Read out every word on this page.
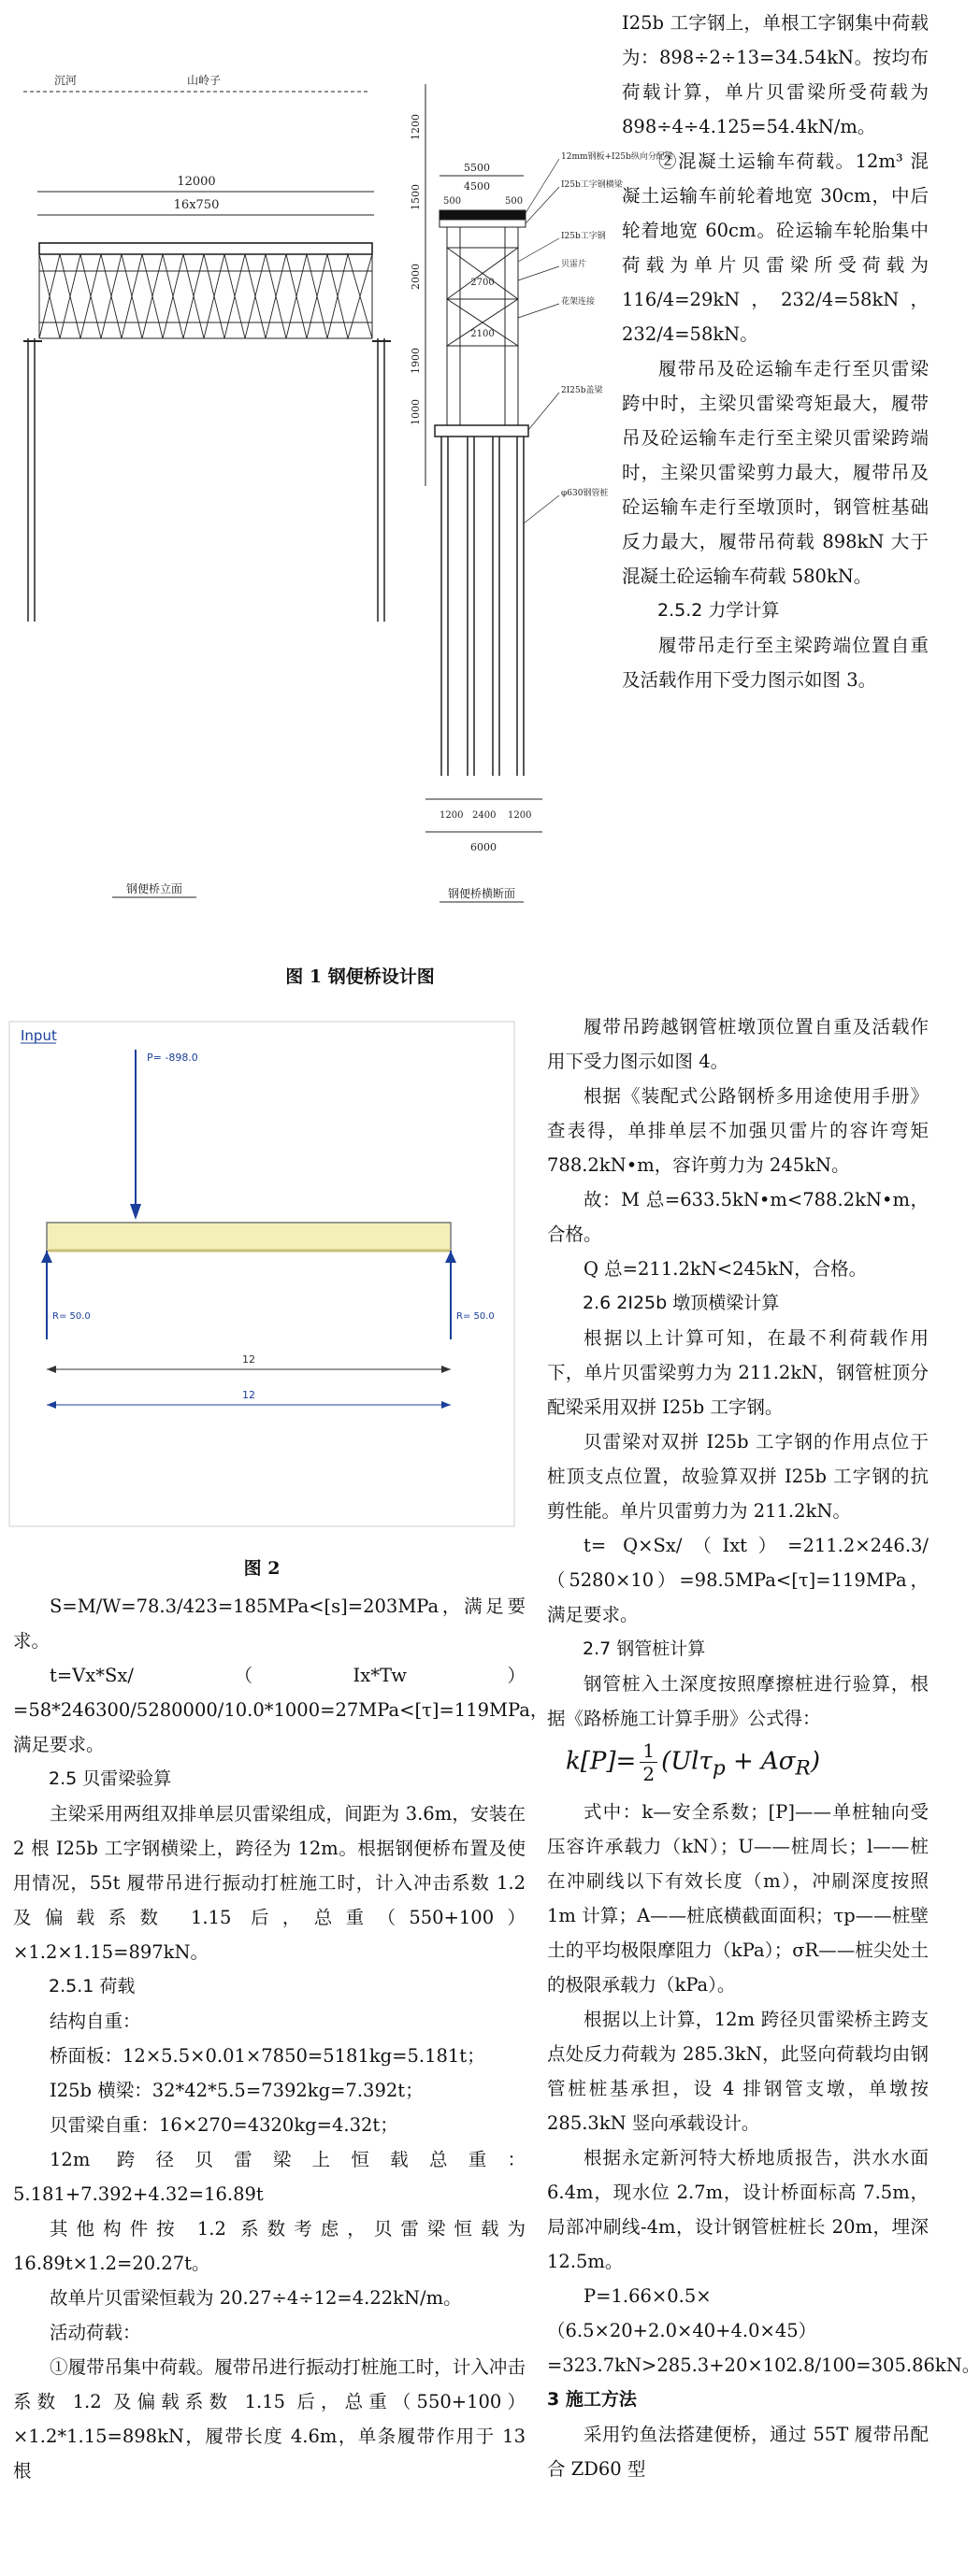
沉河	山岭子
12000
16x750
钢便桥立面
1200
1500
2000
1900
1000
5500
4500
500	500
2700
2100
1200 2400 1200
6000
钢便桥横断面
12mm钢板+I25b纵向分配梁
I25b工字钢横梁
I25b工字钢
贝雷片
花架连接
2I25b盖梁
φ630钢管桩
图 1 钢便桥设计图
Input
P= -898.0
R= 50.0	R= 50.0
12
12
图 2

I25b 工字钢上，单根工字钢集中荷载为：898÷2÷13=34.54kN。按均布荷载计算，单片贝雷梁所受荷载为 898÷4÷4.125=54.4kN/m。

②混凝土运输车荷载。12m³ 混凝土运输车前轮着地宽 30cm，中后轮着地宽 60cm。砼运输车轮胎集中荷载为单片贝雷梁所受荷载为 116/4=29kN，232/4=58kN，232/4=58kN。

履带吊及砼运输车走行至贝雷梁跨中时，主梁贝雷梁弯矩最大，履带吊及砼运输车走行至主梁贝雷梁跨端时，主梁贝雷梁剪力最大，履带吊及砼运输车走行至墩顶时，钢管桩基础反力最大，履带吊荷载 898kN 大于混凝土砼运输车荷载 580kN。

2.5.2 力学计算

履带吊走行至主梁跨端位置自重及活载作用下受力图示如图 3。

履带吊跨越钢管桩墩顶位置自重及活载作用下受力图示如图 4。

根据《装配式公路钢桥多用途使用手册》查表得，单排单层不加强贝雷片的容许弯矩 788.2kN•m，容许剪力为 245kN。

故：M 总=633.5kN•m<788.2kN•m，合格。

Q 总=211.2kN<245kN，合格。

2.6 2I25b 墩顶横梁计算

根据以上计算可知，在最不利荷载作用下，单片贝雷梁剪力为 211.2kN，钢管桩顶分配梁采用双拼 I25b 工字钢。

贝雷梁对双拼 I25b 工字钢的作用点位于桩顶支点位置，故验算双拼 I25b 工字钢的抗剪性能。单片贝雷剪力为 211.2kN。

t= Q×Sx/（Ixt）=211.2×246.3/（5280×10）=98.5MPa<[τ]=119MPa，满足要求。

2.7 钢管桩计算

钢管桩入土深度按照摩擦桩进行验算，根据《路桥施工计算手册》公式得：

$k[P]= \frac{1}{2} (Ul\tau_p + A\sigma_R)$

式中：k—安全系数；[P]——单桩轴向受压容许承载力（kN）；U——桩周长；l——桩在冲刷线以下有效长度（m），冲刷深度按照 1m 计算；A——桩底横截面面积；τp——桩壁土的平均极限摩阻力（kPa）；σR——桩尖处土的极限承载力（kPa）。

根据以上计算，12m 跨径贝雷梁桥主跨支点处反力荷载为 285.3kN，此竖向荷载均由钢管桩桩基承担，设 4 排钢管支墩，单墩按 285.3kN 竖向承载设计。

根据永定新河特大桥地质报告，洪水水面 6.4m，现水位 2.7m，设计桥面标高 7.5m，局部冲刷线-4m，设计钢管桩桩长 20m，埋深 12.5m。

P=1.66×0.5×（6.5×20+2.0×40+4.0×45）

=323.7kN>285.3+20×102.8/100=305.86kN。

3 施工方法

采用钓鱼法搭建便桥，通过 55T 履带吊配合 ZD60 型

S=M/W=78.3/423=185MPa<[s]=203MPa，满足要求。

t=Vx*Sx/（Ix*Tw）=58*246300/5280000/10.0*1000=27MPa<[τ]=119MPa，满足要求。

2.5 贝雷梁验算

主梁采用两组双排单层贝雷梁组成，间距为 3.6m，安装在 2 根 I25b 工字钢横梁上，跨径为 12m。根据钢便桥布置及使用情况，55t 履带吊进行振动打桩施工时，计入冲击系数 1.2 及偏载系数 1.15 后，总重（550+100）×1.2×1.15=897kN。

2.5.1 荷载

结构自重：

桥面板：12×5.5×0.01×7850=5181kg=5.181t；

I25b 横梁：32*42*5.5=7392kg=7.392t；

贝雷梁自重：16×270=4320kg=4.32t；

12m 跨径贝雷梁上恒载总重：5.181+7.392+4.32=16.89t

其他构件按 1.2 系数考虑，贝雷梁恒载为 16.89t×1.2=20.27t。

故单片贝雷梁恒载为 20.27÷4÷12=4.22kN/m。

活动荷载：

①履带吊集中荷载。履带吊进行振动打桩施工时，计入冲击系数 1.2 及偏载系数 1.15 后，总重（550+100）×1.2*1.15=898kN，履带长度 4.6m，单条履带作用于 13 根
